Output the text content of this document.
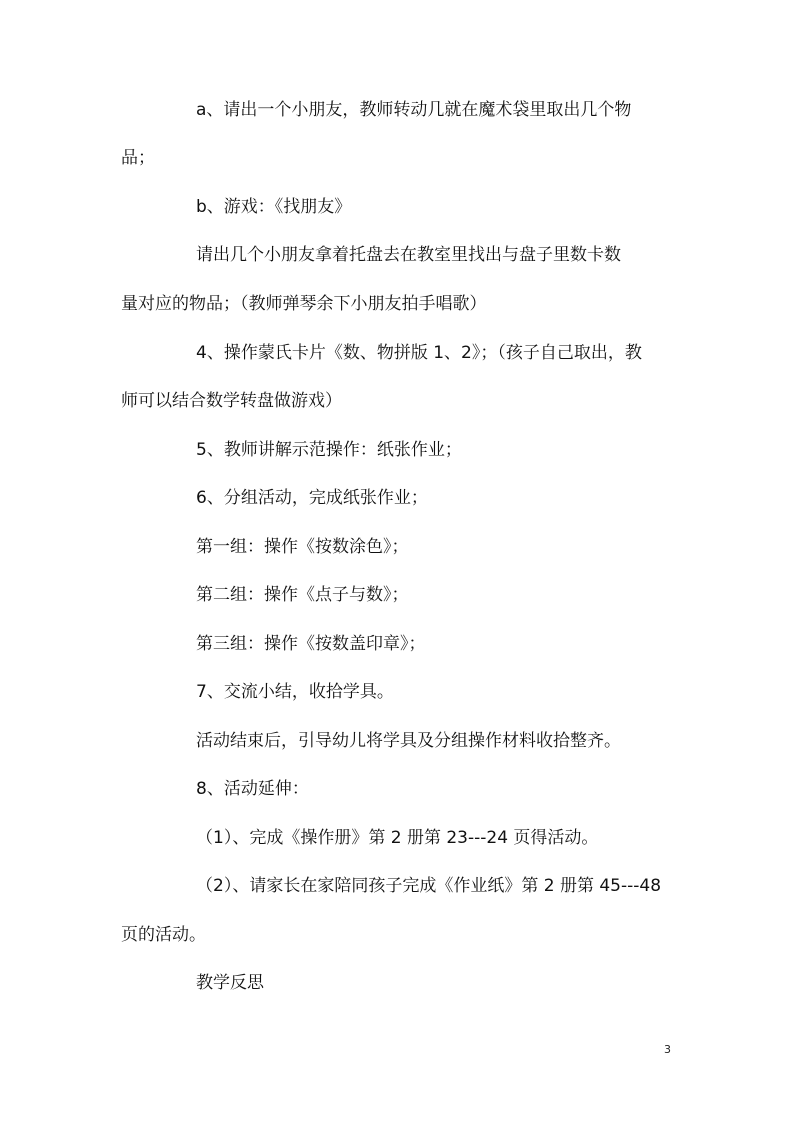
a、请出一个小朋友，教师转动几就在魔术袋里取出几个物
品；
b、游戏：《找朋友》
请出几个小朋友拿着托盘去在教室里找出与盘子里数卡数
量对应的物品；（教师弹琴余下小朋友拍手唱歌）
4、操作蒙氏卡片《数、物拼版 1、2》；（孩子自己取出，教
师可以结合数学转盘做游戏）
5、教师讲解示范操作：纸张作业；
6、分组活动，完成纸张作业；
第一组：操作《按数涂色》；
第二组：操作《点子与数》；
第三组：操作《按数盖印章》；
7、交流小结，收拾学具。
活动结束后，引导幼儿将学具及分组操作材料收拾整齐。
8、活动延伸：
（1）、完成《操作册》第 2 册第 23---24 页得活动。
（2）、请家长在家陪同孩子完成《作业纸》第 2 册第 45---48
页的活动。
教学反思
3
